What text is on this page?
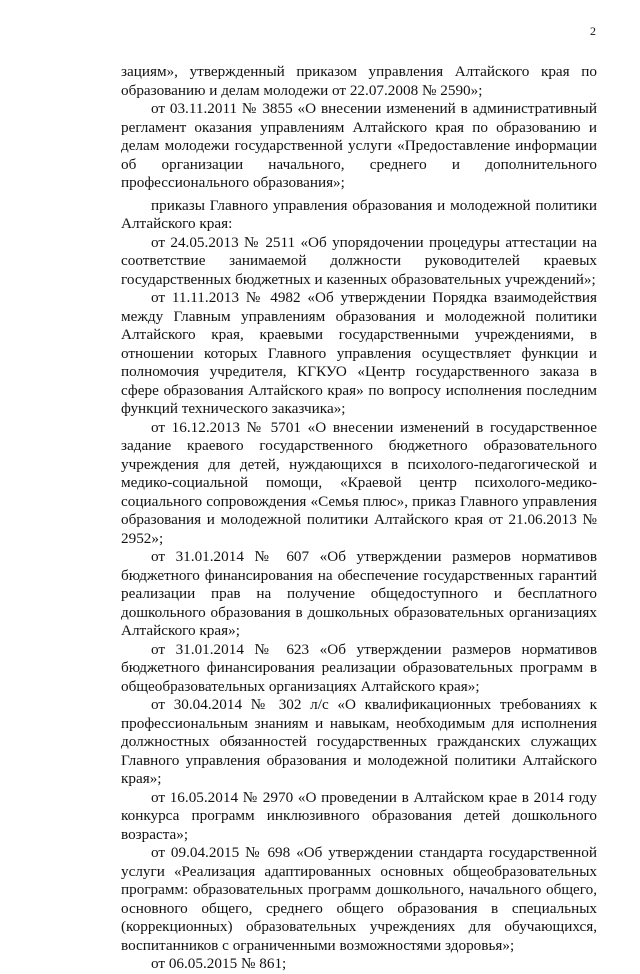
2

зациям», утвержденный приказом управления Алтайского края по образованию и делам молодежи от 22.07.2008 № 2590»;

от 03.11.2011 № 3855 «О внесении изменений в административный регламент оказания управлениям Алтайского края по образованию и делам молодежи государственной услуги «Предоставление информации об организации начального, среднего и дополнительного профессионального образования»;

приказы Главного управления образования и молодежной политики Алтайского края:

от 24.05.2013 № 2511 «Об упорядочении процедуры аттестации на соответствие занимаемой должности руководителей краевых государственных бюджетных и казенных образовательных учреждений»;

от 11.11.2013 № 4982 «Об утверждении Порядка взаимодействия между Главным управлениям образования и молодежной политики Алтайского края, краевыми государственными учреждениями, в отношении которых Главного управления осуществляет функции и полномочия учредителя, КГКУО «Центр государственного заказа в сфере образования Алтайского края» по вопросу исполнения последним функций технического заказчика»;

от 16.12.2013 № 5701 «О внесении изменений в государственное задание краевого государственного бюджетного образовательного учреждения для детей, нуждающихся в психолого-педагогической и медико-социальной помощи, «Краевой центр психолого-медико-социального сопровождения «Семья плюс», приказ Главного управления образования и молодежной политики Алтайского края от 21.06.2013 № 2952»;

от 31.01.2014 № 607 «Об утверждении размеров нормативов бюджетного финансирования на обеспечение государственных гарантий реализации прав на получение общедоступного и бесплатного дошкольного образования в дошкольных образовательных организациях Алтайского края»;

от 31.01.2014 № 623 «Об утверждении размеров нормативов бюджетного финансирования реализации образовательных программ в общеобразовательных организациях Алтайского края»;

от 30.04.2014 № 302 л/с «О квалификационных требованиях к профессиональным знаниям и навыкам, необходимым для исполнения должностных обязанностей государственных гражданских служащих Главного управления образования и молодежной политики Алтайского края»;

от 16.05.2014 № 2970 «О проведении в Алтайском крае в 2014 году конкурса программ инклюзивного образования детей дошкольного возраста»;

от 09.04.2015 № 698 «Об утверждении стандарта государственной услуги «Реализация адаптированных основных общеобразовательных программ: образовательных программ дошкольного, начального общего, основного общего, среднего общего образования в специальных (коррекционных) образовательных учреждениях для обучающихся, воспитанников с ограниченными возможностями здоровья»;

от 06.05.2015 № 861;
